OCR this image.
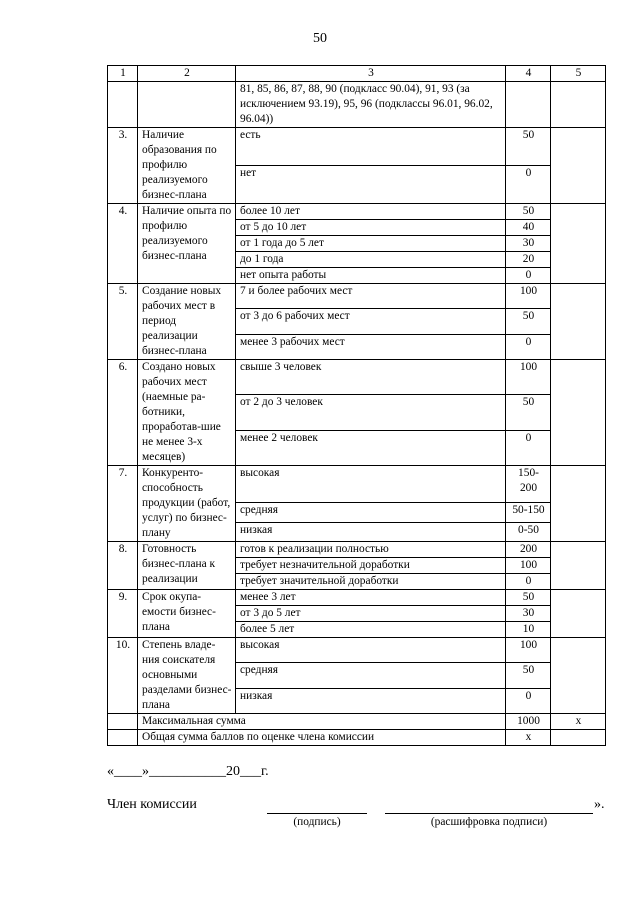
50
1	2	3	4	5
		81, 85, 86, 87, 88, 90 (подкласс 90.04), 91, 93 (за исключением 93.19), 95, 96 (подклассы 96.01, 96.02, 96.04))		
3.	Наличие образования по профилю реализуемого бизнес-плана	есть	50	
		нет	0	
4.	Наличие опыта по профилю реализуемого бизнес-плана	более 10 лет	50	
		от 5 до 10 лет	40	
		от 1 года до 5 лет	30	
		до 1 года	20	
		нет опыта работы	0	
5.	Создание новых рабочих мест в период реализации бизнес-плана	7 и более рабочих мест	100	
		от 3 до 6 рабочих мест	50	
		менее 3 рабочих мест	0	
6.	Создано новых рабочих мест (наемные ра-ботники, проработав-шие не менее 3-х месяцев)	свыше 3 человек	100	
		от 2 до 3 человек	50	
		менее 2 человек	0	
7.	Конкуренто-способность продукции (работ, услуг) по бизнес-плану	высокая	150-200	
		средняя	50-150	
		низкая	0-50	
8.	Готовность бизнес-плана к реализации	готов к реализации полностью	200	
		требует незначительной доработки	100	
		требует значительной доработки	0	
9.	Срок окупа-емости бизнес-плана	менее 3 лет	50	
		от 3 до 5 лет	30	
		более 5 лет	10	
10.	Степень владе-ния соискателя основными разделами бизнес-плана	высокая	100	
		средняя	50	
		низкая	0	
	Максимальная сумма		1000	х
	Общая сумма баллов по оценке члена комиссии		х	
«____»___________20___г.
Член комиссии	».
(подпись)	(расшифровка подписи)
